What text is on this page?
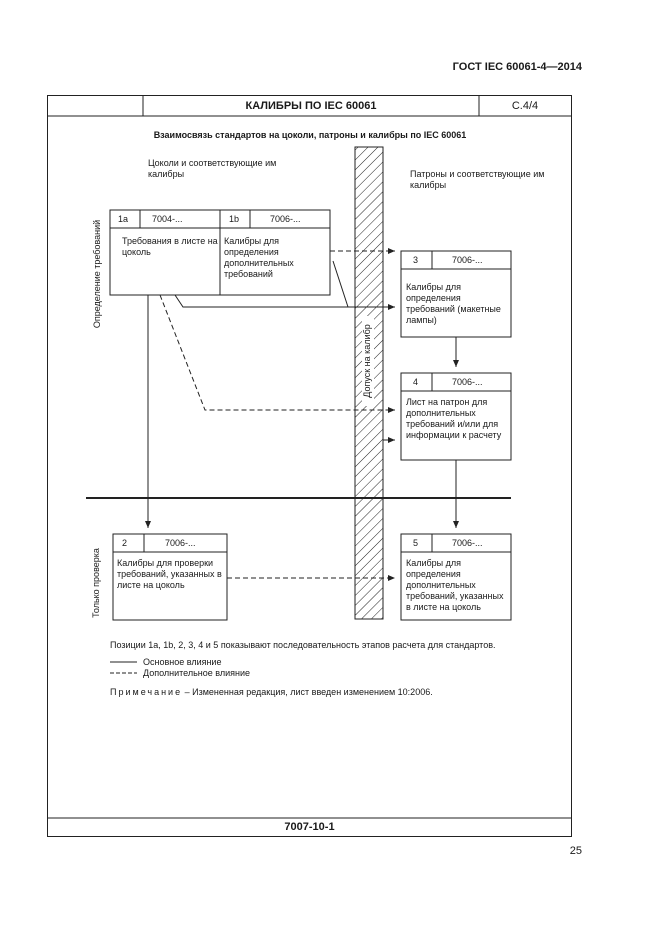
ГОСТ IEC 60061-4—2014
КАЛИБРЫ ПО IEC 60061	С.4/4
7007-10-1
25
Взаимосвязь стандартов на цоколи, патроны и калибры по IEC 60061
Цоколи и соответствующие им калибры	Патроны и соответствующие им калибры
Определение требований
Только проверка
Допуск на калибр
1a	7004-...
Требования в листе на цоколь
1b	7006-...
Калибры для определения дополнительных требований
3	7006-...
Калибры для определения требований (макетные лампы)
4	7006-...
Лист на патрон для дополнительных требований и/или для информации к расчету
2	7006-...
Калибры для проверки требований, указанных в листе на цоколь
5	7006-...
Калибры для определения дополнительных требований, указанных в листе на цоколь
Позиции 1a, 1b, 2, 3, 4 и 5 показывают последовательность этапов расчета для стандартов.
Основное влияние
Дополнительное влияние
Примечание – Измененная редакция, лист введен изменением 10:2006.
